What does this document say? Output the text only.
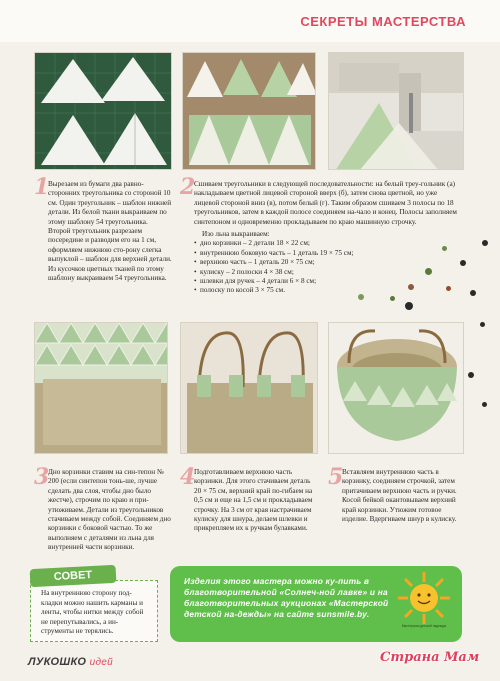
СЕКРЕТЫ МАСТЕРСТВА
1

Вырезаем из бумаги два равно-сторонних треугольника со стороной 10 см. Один треугольник – шаблон нижней детали. Из белой ткани выкраиваем по этому шаблону 54 треугольника. Второй треугольник разрезаем посередине и разводим его на 1 см, оформляем нижнюю сто-рону слегка выпуклой – шаблон для верхней детали. Из кусочков цветных тканей по этому шаблону выкраиваем 54 треугольника.

2

Сшиваем треугольники в следующей последовательности: на белый треу-гольник (а) накладываем цветной лицевой стороной вверх (б), затем снова цветной, но уже лицевой стороной вниз (в), потом белый (г). Таким образом сшиваем 3 полосы по 18 треугольников, затем в каждой полосе соединяем на-чало и конец. Полосы заполняем синтепоном и одновременно прокладываем по краю машинную строчку.

Изо льна выкраиваем:

• дно корзинки – 2 детали 18 × 22 см;
• внутреннюю боковую часть – 1 деталь 19 × 75 см;
• верхнюю часть – 1 деталь 20 × 75 см;
• кулиску – 2 полоски 4 × 38 см;
• шлевки для ручек – 4 детали 6 × 8 см;
• полоску по косой 3 × 75 см.
3

Дно корзинки ставим на син-тепон № 200 (если синтепон тонь-ше, лучше сделать два слоя, чтобы дно было жестче), строчим по краю и при-утюживаем. Детали из треугольников стачиваем между собой. Соединяем дно корзинки с боковой частью. То же выполняем с деталями из льна для внутренней части корзинки.

4

Подготавливаем верхнюю часть корзинки. Для этого стачиваем деталь 20 × 75 см, верхний край по-гибаем на 0,5 см и еще на 1,5 см и прокладываем строчку. На 3 см от края настрачиваем кулиску для шнура, делаем шлевки и прикрепляем их к ручкам булавками.

5

Вставляем внутреннюю часть в корзинку, соединяем строчкой, затем притачиваем верхнюю часть и ручки. Косой бейкой окантовываем верхний край корзинки. Утюжим готовое изделие. Вдергиваем шнур в кулиску.

На внутреннюю сторону под-кладки можно нашить карманы и ленты, чтобы нитки между собой не перепутывались, а ин-струменты не терялись.

СОВЕТ	Изделия этого мастера можно ку-пить в благотворительной «Солнеч-ной лавке» и на благотворительных аукционах «Мастерской детской на-дежды» на сайте sunsmile.by.

Мастерская детской надежды

ЛУКОШКО идей	Страна Мам
